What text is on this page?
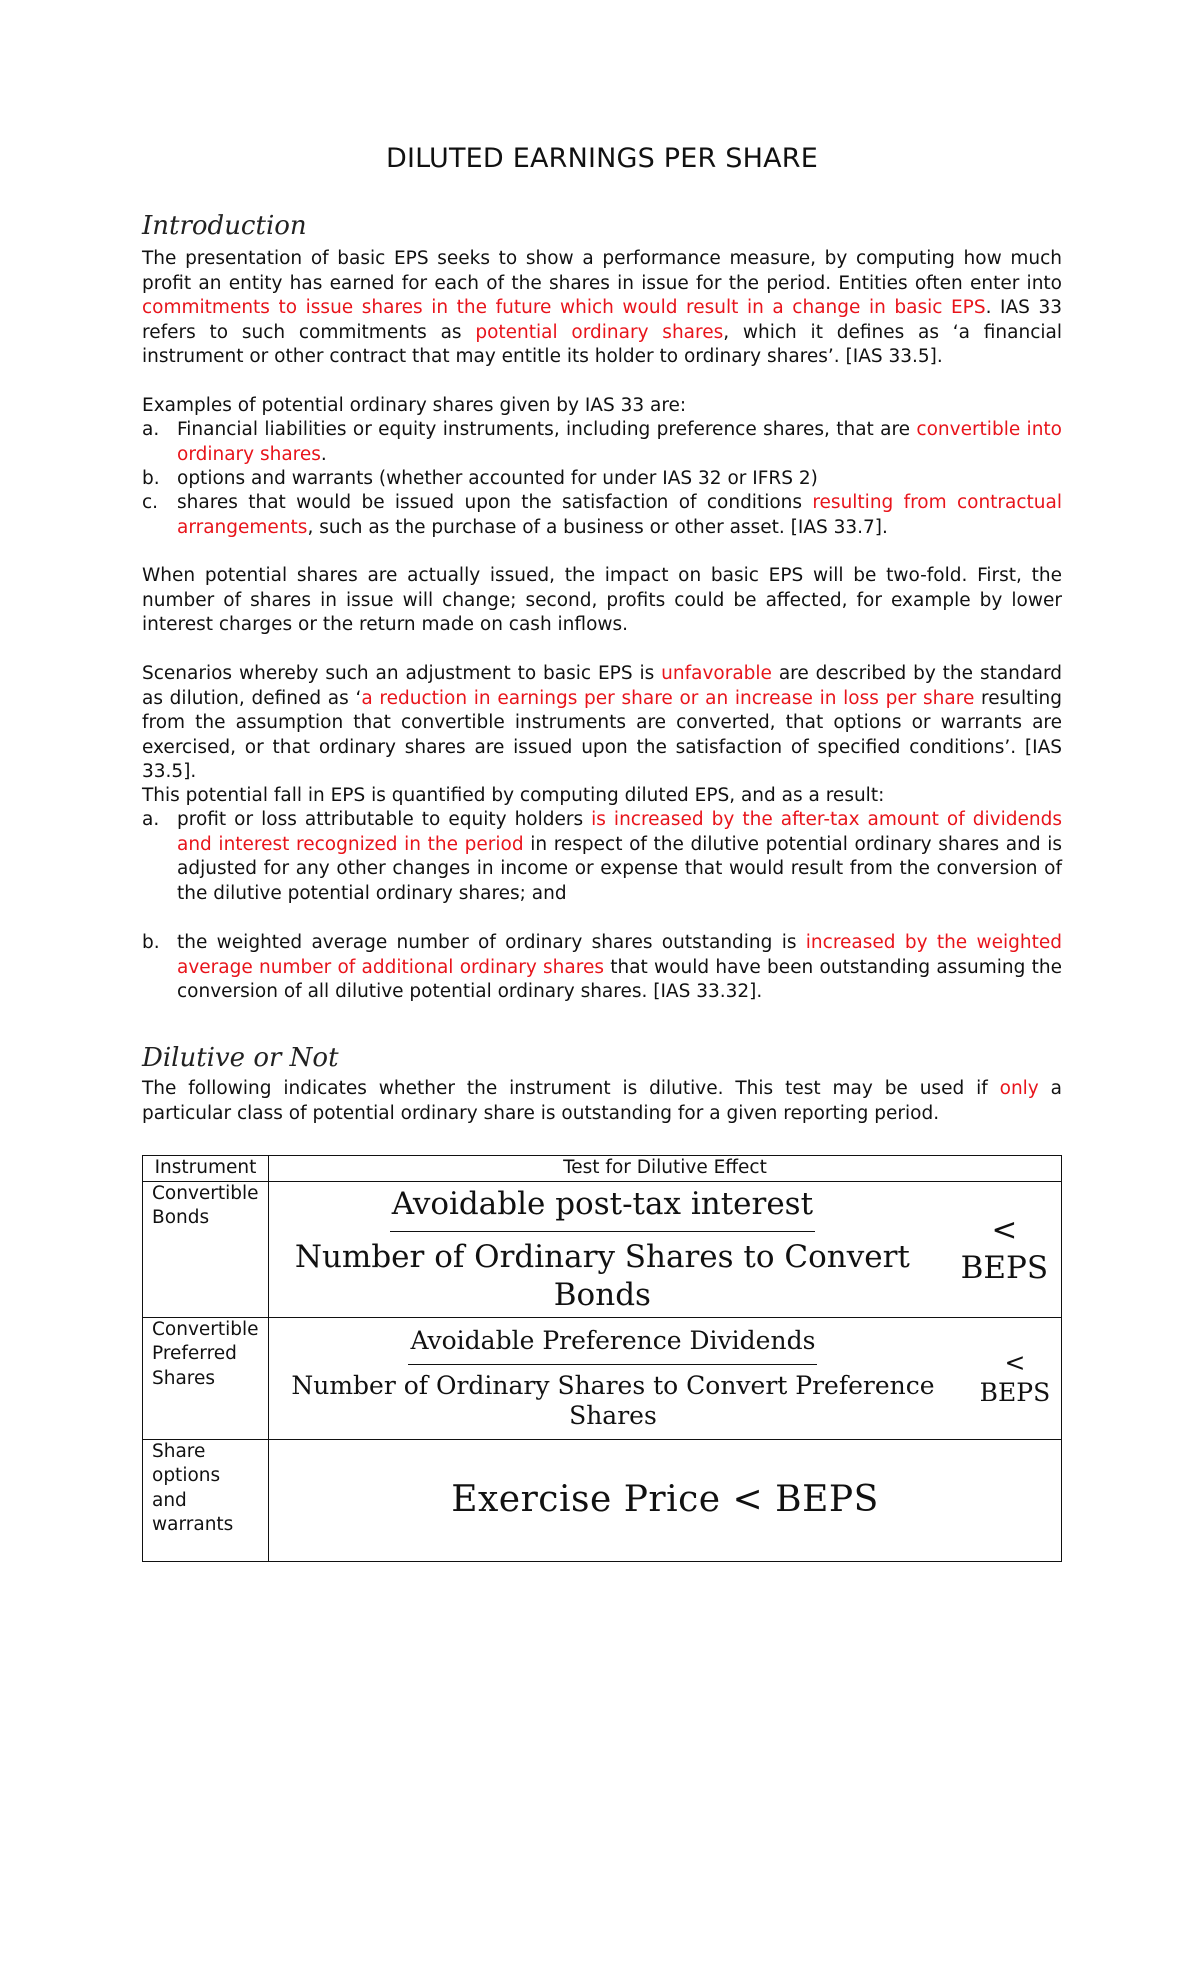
DILUTED EARNINGS PER SHARE
Introduction

The presentation of basic EPS seeks to show a performance measure, by computing how much profit an entity has earned for each of the shares in issue for the period. Entities often enter into commitments to issue shares in the future which would result in a change in basic EPS. IAS 33 refers to such commitments as potential ordinary shares, which it defines as ‘a financial instrument or other contract that may entitle its holder to ordinary shares’. [IAS 33.5].

Examples of potential ordinary shares given by IAS 33 are:

a. Financial liabilities or equity instruments, including preference shares, that are convertible into ordinary shares.
b. options and warrants (whether accounted for under IAS 32 or IFRS 2)
c. shares that would be issued upon the satisfaction of conditions resulting from contractual arrangements, such as the purchase of a business or other asset. [IAS 33.7].

When potential shares are actually issued, the impact on basic EPS will be two-fold. First, the number of shares in issue will change; second, profits could be affected, for example by lower interest charges or the return made on cash inflows.

Scenarios whereby such an adjustment to basic EPS is unfavorable are described by the standard as dilution, defined as ‘a reduction in earnings per share or an increase in loss per share resulting from the assumption that convertible instruments are converted, that options or warrants are exercised, or that ordinary shares are issued upon the satisfaction of specified conditions’. [IAS 33.5].

This potential fall in EPS is quantified by computing diluted EPS, and as a result:

a. profit or loss attributable to equity holders is increased by the after-tax amount of dividends and interest recognized in the period in respect of the dilutive potential ordinary shares and is adjusted for any other changes in income or expense that would result from the conversion of the dilutive potential ordinary shares; and
b. the weighted average number of ordinary shares outstanding is increased by the weighted average number of additional ordinary shares that would have been outstanding assuming the conversion of all dilutive potential ordinary shares. [IAS 33.32].
Dilutive or Not

The following indicates whether the instrument is dilutive. This test may be used if only a particular class of potential ordinary share is outstanding for a given reporting period.

Instrument	Test for Dilutive Effect
Convertible Bonds	$\frac{\text{Avoidable post-tax interest}}{\text{Number of Ordinary Shares to Convert Bonds}}$ < BEPS

Convertible Preferred Shares	$\frac{\text{Avoidable Preference Dividends}}{\text{Number of Ordinary Shares to Convert Preference Shares}}$ < BEPS

Share options and warrants	Exercise Price < BEPS
